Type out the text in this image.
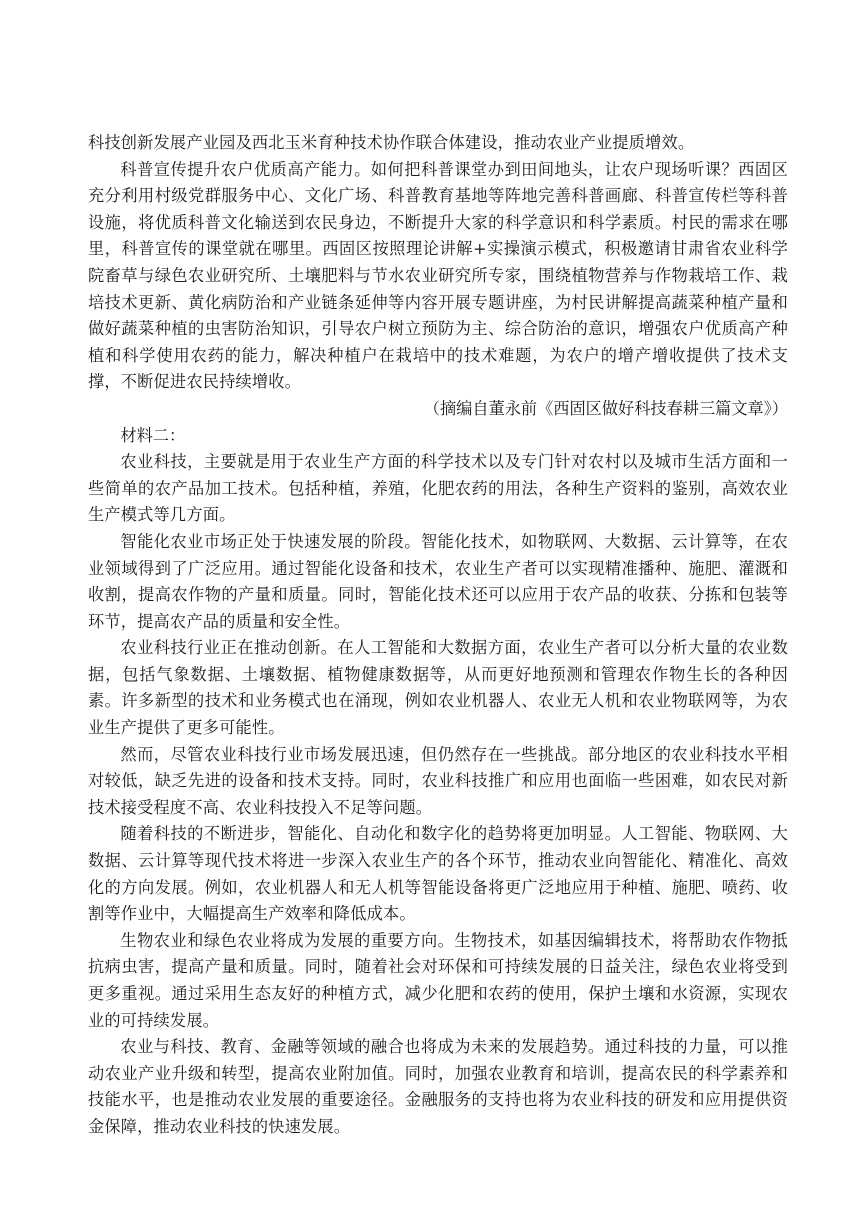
科技创新发展产业园及西北玉米育种技术协作联合体建设，推动农业产业提质增效。

科普宣传提升农户优质高产能力。如何把科普课堂办到田间地头，让农户现场听课？西固区充分利用村级党群服务中心、文化广场、科普教育基地等阵地完善科普画廊、科普宣传栏等科普设施，将优质科普文化输送到农民身边，不断提升大家的科学意识和科学素质。村民的需求在哪里，科普宣传的课堂就在哪里。西固区按照理论讲解+实操演示模式，积极邀请甘肃省农业科学院畜草与绿色农业研究所、土壤肥料与节水农业研究所专家，围绕植物营养与作物栽培工作、栽培技术更新、黄化病防治和产业链条延伸等内容开展专题讲座，为村民讲解提高蔬菜种植产量和做好蔬菜种植的虫害防治知识，引导农户树立预防为主、综合防治的意识，增强农户优质高产种植和科学使用农药的能力，解决种植户在栽培中的技术难题，为农户的增产增收提供了技术支撑，不断促进农民持续增收。

（摘编自董永前《西固区做好科技春耕三篇文章》）

材料二：

农业科技，主要就是用于农业生产方面的科学技术以及专门针对农村以及城市生活方面和一些简单的农产品加工技术。包括种植，养殖，化肥农药的用法，各种生产资料的鉴别，高效农业生产模式等几方面。

智能化农业市场正处于快速发展的阶段。智能化技术，如物联网、大数据、云计算等，在农业领域得到了广泛应用。通过智能化设备和技术，农业生产者可以实现精准播种、施肥、灌溉和收割，提高农作物的产量和质量。同时，智能化技术还可以应用于农产品的收获、分拣和包装等环节，提高农产品的质量和安全性。

农业科技行业正在推动创新。在人工智能和大数据方面，农业生产者可以分析大量的农业数据，包括气象数据、土壤数据、植物健康数据等，从而更好地预测和管理农作物生长的各种因素。许多新型的技术和业务模式也在涌现，例如农业机器人、农业无人机和农业物联网等，为农业生产提供了更多可能性。

然而，尽管农业科技行业市场发展迅速，但仍然存在一些挑战。部分地区的农业科技水平相对较低，缺乏先进的设备和技术支持。同时，农业科技推广和应用也面临一些困难，如农民对新技术接受程度不高、农业科技投入不足等问题。

随着科技的不断进步，智能化、自动化和数字化的趋势将更加明显。人工智能、物联网、大数据、云计算等现代技术将进一步深入农业生产的各个环节，推动农业向智能化、精准化、高效化的方向发展。例如，农业机器人和无人机等智能设备将更广泛地应用于种植、施肥、喷药、收割等作业中，大幅提高生产效率和降低成本。

生物农业和绿色农业将成为发展的重要方向。生物技术，如基因编辑技术，将帮助农作物抵抗病虫害，提高产量和质量。同时，随着社会对环保和可持续发展的日益关注，绿色农业将受到更多重视。通过采用生态友好的种植方式，减少化肥和农药的使用，保护土壤和水资源，实现农业的可持续发展。

农业与科技、教育、金融等领域的融合也将成为未来的发展趋势。通过科技的力量，可以推动农业产业升级和转型，提高农业附加值。同时，加强农业教育和培训，提高农民的科学素养和技能水平，也是推动农业发展的重要途径。金融服务的支持也将为农业科技的研发和应用提供资金保障，推动农业科技的快速发展。
